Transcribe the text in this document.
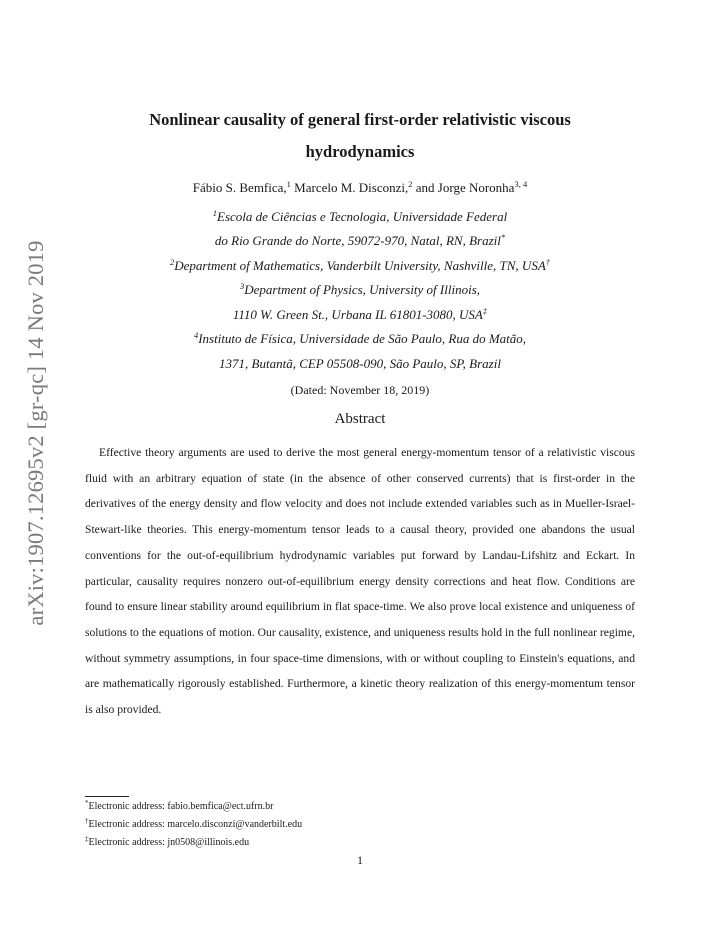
arXiv:1907.12695v2 [gr-qc] 14 Nov 2019
Nonlinear causality of general first-order relativistic viscous hydrodynamics
Fábio S. Bemfica,$^1$ Marcelo M. Disconzi,$^2$ and Jorge Noronha$^{3, 4}$
$^1$Escola de Ciências e Tecnologia, Universidade Federal
do Rio Grande do Norte, 59072-970, Natal, RN, Brazil*
$^2$Department of Mathematics, Vanderbilt University, Nashville, TN, USA†
$^3$Department of Physics, University of Illinois,
1110 W. Green St., Urbana IL 61801-3080, USA‡
$^4$Instituto de Física, Universidade de São Paulo, Rua do Matão,
1371, Butantã, CEP 05508-090, São Paulo, SP, Brazil
(Dated: November 18, 2019)
Abstract

Effective theory arguments are used to derive the most general energy-momentum tensor of a relativistic viscous fluid with an arbitrary equation of state (in the absence of other conserved currents) that is first-order in the derivatives of the energy density and flow velocity and does not include extended variables such as in Mueller-Israel-Stewart-like theories. This energy-momentum tensor leads to a causal theory, provided one abandons the usual conventions for the out-of-equilibrium hydrodynamic variables put forward by Landau-Lifshitz and Eckart. In particular, causality requires nonzero out-of-equilibrium energy density corrections and heat flow. Conditions are found to ensure linear stability around equilibrium in flat space-time. We also prove local existence and uniqueness of solutions to the equations of motion. Our causality, existence, and uniqueness results hold in the full nonlinear regime, without symmetry assumptions, in four space-time dimensions, with or without coupling to Einstein's equations, and are mathematically rigorously established. Furthermore, a kinetic theory realization of this energy-momentum tensor is also provided.

*Electronic address: fabio.bemfica@ect.ufrn.br
†Electronic address: marcelo.disconzi@vanderbilt.edu
‡Electronic address: jn0508@illinois.edu
1
